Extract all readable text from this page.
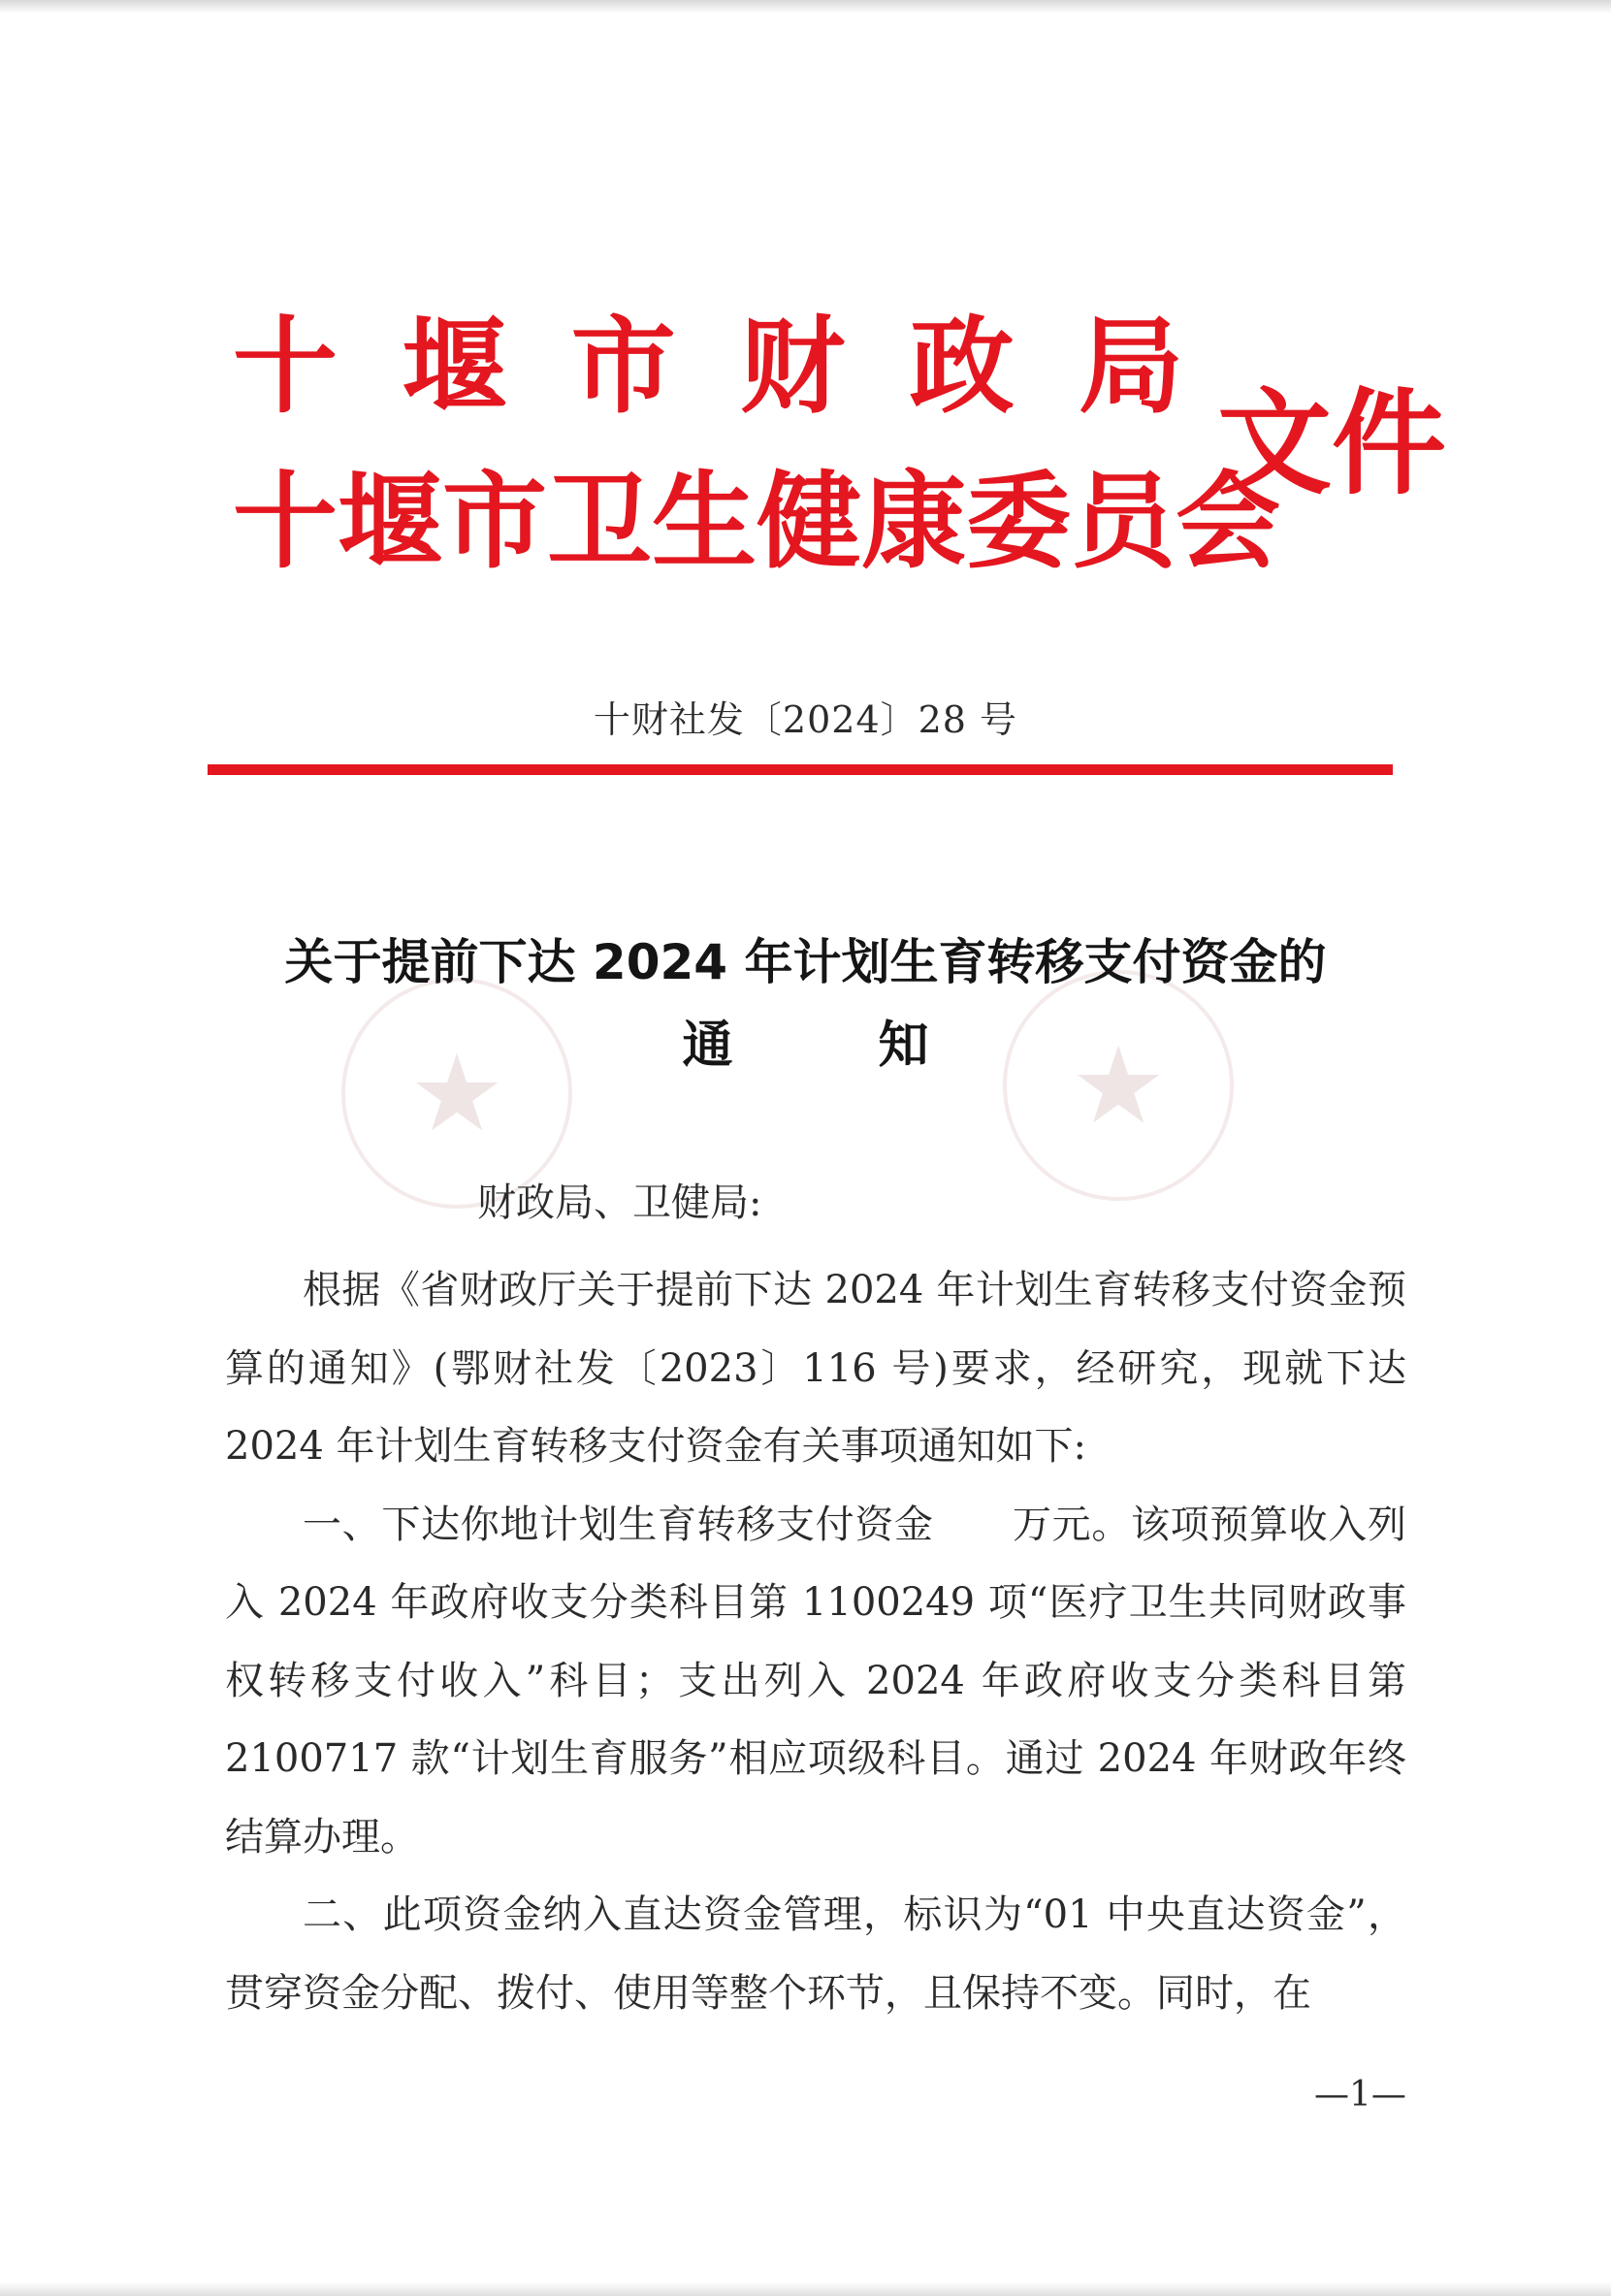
十 堰 市 财 政 局
十 堰 市 卫 生 健 康 委 员 会
文件
十财社发〔2024〕28 号
★	★
关于提前下达 2024 年计划生育转移支付资金的
通知
财政局、卫健局:

根据《省财政厅关于提前下达 2024 年计划生育转移支付资金预算的通知》(鄂财社发〔2023〕116 号)要求，经研究，现就下达 2024 年计划生育转移支付资金有关事项通知如下:

一、下达你地计划生育转移支付资金　　万元。该项预算收入列入 2024 年政府收支分类科目第 1100249 项“医疗卫生共同财政事权转移支付收入”科目；支出列入 2024 年政府收支分类科目第 2100717 款“计划生育服务”相应项级科目。通过 2024 年财政年终结算办理。

二、此项资金纳入直达资金管理，标识为“01 中央直达资金”，贯穿资金分配、拨付、使用等整个环节，且保持不变。同时，在

—1—
